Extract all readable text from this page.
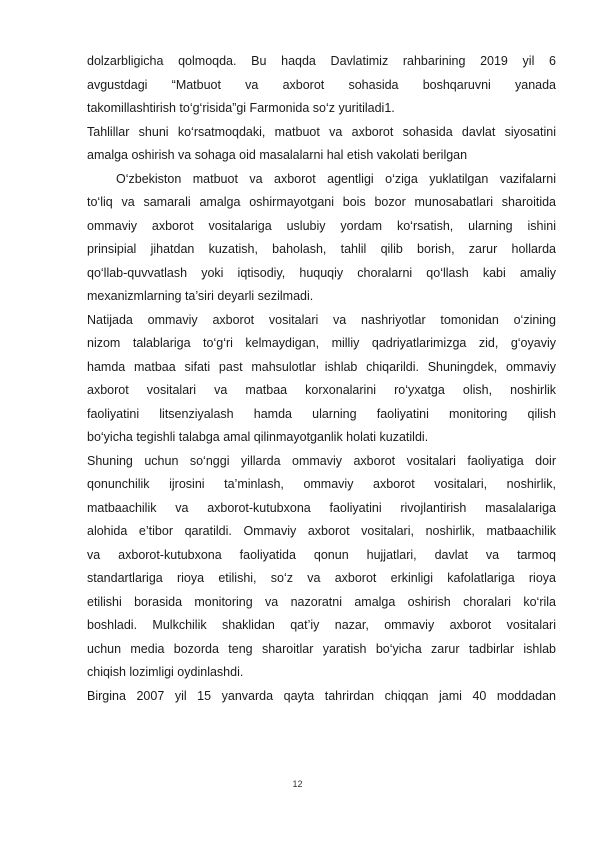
dolzarbligicha qolmoqda. Bu haqda Davlatimiz rahbarining 2019 yil 6
avgustdagi “Matbuot va axborot sohasida boshqaruvni yanada
takomillashtirish to‘g‘risida”gi Farmonida so‘z yuritiladi1.
Tahlillar shuni ko‘rsatmoqdaki, matbuot va axborot sohasida davlat siyosatini
amalga oshirish va sohaga oid masalalarni hal etish vakolati berilgan
O‘zbekiston matbuot va axborot agentligi o‘ziga yuklatilgan vazifalarni
to‘liq va samarali amalga oshirmayotgani bois bozor munosabatlari sharoitida
ommaviy axborot vositalariga uslubiy yordam ko‘rsatish, ularning ishini
prinsipial jihatdan kuzatish, baholash, tahlil qilib borish, zarur hollarda
qo‘llab-quvvatlash yoki iqtisodiy, huquqiy choralarni qo‘llash kabi amaliy
mexanizmlarning ta’siri deyarli sezilmadi.
Natijada ommaviy axborot vositalari va nashriyotlar tomonidan o‘zining
nizom talablariga to‘g‘ri kelmaydigan, milliy qadriyatlarimizga zid, g‘oyaviy
hamda matbaa sifati past mahsulotlar ishlab chiqarildi. Shuningdek, ommaviy
axborot vositalari va matbaa korxonalarini ro‘yxatga olish, noshirlik
faoliyatini litsenziyalash hamda ularning faoliyatini monitoring qilish
bo‘yicha tegishli talabga amal qilinmayotganlik holati kuzatildi.
Shuning uchun so‘nggi yillarda ommaviy axborot vositalari faoliyatiga doir
qonunchilik ijrosini ta’minlash, ommaviy axborot vositalari, noshirlik,
matbaachilik va axborot-kutubxona faoliyatini rivojlantirish masalalariga
alohida e’tibor qaratildi. Ommaviy axborot vositalari, noshirlik, matbaachilik
va axborot-kutubxona faoliyatida qonun hujjatlari, davlat va tarmoq
standartlariga rioya etilishi, so‘z va axborot erkinligi kafolatlariga rioya
etilishi borasida monitoring va nazoratni amalga oshirish choralari ko‘rila
boshladi. Mulkchilik shaklidan qat’iy nazar, ommaviy axborot vositalari
uchun media bozorda teng sharoitlar yaratish bo‘yicha zarur tadbirlar ishlab
chiqish lozimligi oydinlashdi.
Birgina 2007 yil 15 yanvarda qayta tahrirdan chiqqan jami 40 moddadan
12
